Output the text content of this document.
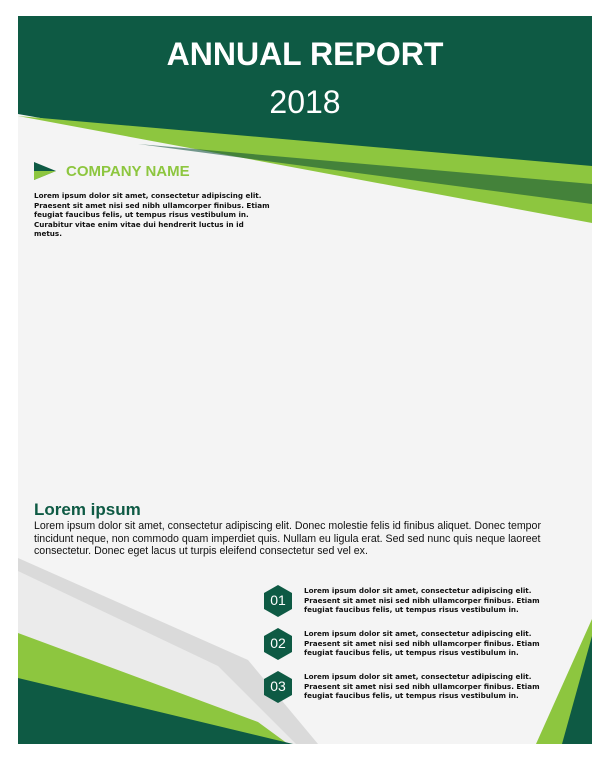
ANNUAL REPORT
2018
COMPANY NAME
Lorem ipsum dolor sit amet, consectetur adipiscing elit.
Praesent sit amet nisi sed nibh ullamcorper finibus. Etiam
feugiat faucibus felis, ut tempus risus vestibulum in.
Curabitur vitae enim vitae dui hendrerit luctus in id metus.
Lorem ipsum
Lorem ipsum dolor sit amet, consectetur adipiscing elit. Donec molestie felis id finibus aliquet. Donec tempor tincidunt neque, non commodo quam imperdiet quis. Nullam eu ligula erat. Sed sed nunc quis neque laoreet consectetur. Donec eget lacus ut turpis eleifend consectetur sed vel ex.
01
Lorem ipsum dolor sit amet, consectetur adipiscing elit.
Praesent sit amet nisi sed nibh ullamcorper finibus. Etiam
feugiat faucibus felis, ut tempus risus vestibulum in.
02
Lorem ipsum dolor sit amet, consectetur adipiscing elit.
Praesent sit amet nisi sed nibh ullamcorper finibus. Etiam
feugiat faucibus felis, ut tempus risus vestibulum in.
03
Lorem ipsum dolor sit amet, consectetur adipiscing elit.
Praesent sit amet nisi sed nibh ullamcorper finibus. Etiam
feugiat faucibus felis, ut tempus risus vestibulum in.
